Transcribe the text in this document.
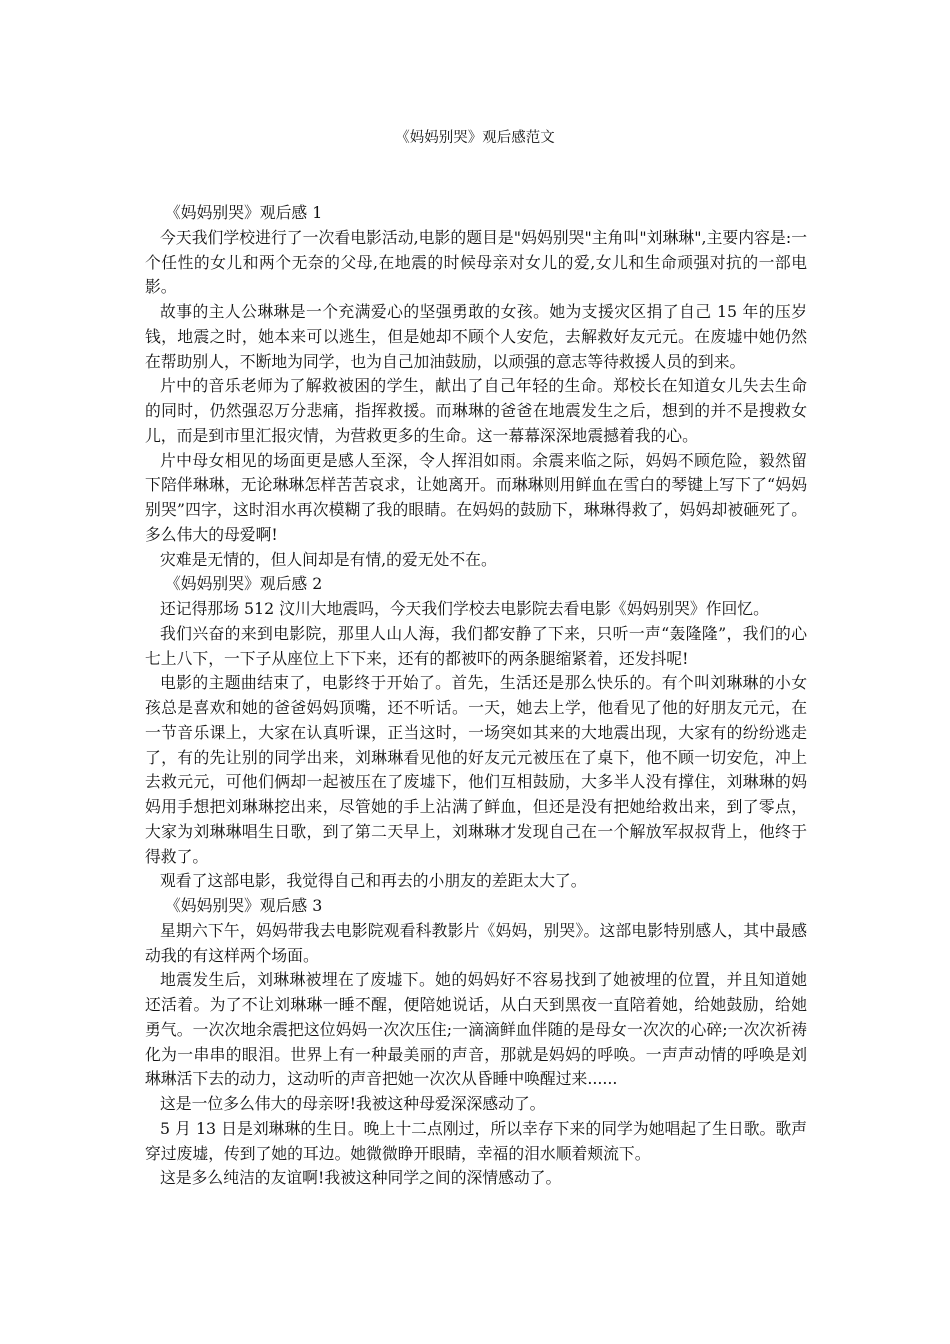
《妈妈别哭》观后感范文

《妈妈别哭》观后感 1

今天我们学校进行了一次看电影活动,电影的题目是"妈妈别哭"主角叫"刘琳琳",主要内容是:一个任性的女儿和两个无奈的父母,在地震的时候母亲对女儿的爱,女儿和生命顽强对抗的一部电影。

故事的主人公琳琳是一个充满爱心的坚强勇敢的女孩。她为支援灾区捐了自己 15 年的压岁钱，地震之时，她本来可以逃生，但是她却不顾个人安危，去解救好友元元。在废墟中她仍然在帮助别人，不断地为同学，也为自己加油鼓励，以顽强的意志等待救援人员的到来。

片中的音乐老师为了解救被困的学生，献出了自己年轻的生命。郑校长在知道女儿失去生命的同时，仍然强忍万分悲痛，指挥救援。而琳琳的爸爸在地震发生之后，想到的并不是搜救女儿，而是到市里汇报灾情，为营救更多的生命。这一幕幕深深地震撼着我的心。

片中母女相见的场面更是感人至深，令人挥泪如雨。余震来临之际，妈妈不顾危险，毅然留下陪伴琳琳，无论琳琳怎样苦苦哀求，让她离开。而琳琳则用鲜血在雪白的琴键上写下了“妈妈别哭”四字，这时泪水再次模糊了我的眼睛。在妈妈的鼓励下，琳琳得救了，妈妈却被砸死了。多么伟大的母爱啊!

灾难是无情的，但人间却是有情,的爱无处不在。

《妈妈别哭》观后感 2

还记得那场 512 汶川大地震吗，今天我们学校去电影院去看电影《妈妈别哭》作回忆。

我们兴奋的来到电影院，那里人山人海，我们都安静了下来，只听一声“轰隆隆”，我们的心七上八下，一下子从座位上下下来，还有的都被吓的两条腿缩紧着，还发抖呢!

电影的主题曲结束了，电影终于开始了。首先，生活还是那么快乐的。有个叫刘琳琳的小女孩总是喜欢和她的爸爸妈妈顶嘴，还不听话。一天，她去上学，他看见了他的好朋友元元，在一节音乐课上，大家在认真听课，正当这时，一场突如其来的大地震出现，大家有的纷纷逃走了，有的先让别的同学出来，刘琳琳看见他的好友元元被压在了桌下，他不顾一切安危，冲上去救元元，可他们俩却一起被压在了废墟下，他们互相鼓励，大多半人没有撑住，刘琳琳的妈妈用手想把刘琳琳挖出来，尽管她的手上沾满了鲜血，但还是没有把她给救出来，到了零点，大家为刘琳琳唱生日歌，到了第二天早上，刘琳琳才发现自己在一个解放军叔叔背上，他终于得救了。

观看了这部电影，我觉得自己和再去的小朋友的差距太大了。

《妈妈别哭》观后感 3

星期六下午，妈妈带我去电影院观看科教影片《妈妈，别哭》。这部电影特别感人，其中最感动我的有这样两个场面。

地震发生后，刘琳琳被埋在了废墟下。她的妈妈好不容易找到了她被埋的位置，并且知道她还活着。为了不让刘琳琳一睡不醒，便陪她说话，从白天到黑夜一直陪着她，给她鼓励，给她勇气。一次次地余震把这位妈妈一次次压住;一滴滴鲜血伴随的是母女一次次的心碎;一次次祈祷化为一串串的眼泪。世界上有一种最美丽的声音，那就是妈妈的呼唤。一声声动情的呼唤是刘琳琳活下去的动力，这动听的声音把她一次次从昏睡中唤醒过来......

这是一位多么伟大的母亲呀!我被这种母爱深深感动了。

5 月 13 日是刘琳琳的生日。晚上十二点刚过，所以幸存下来的同学为她唱起了生日歌。歌声穿过废墟，传到了她的耳边。她微微睁开眼睛，幸福的泪水顺着颊流下。

这是多么纯洁的友谊啊!我被这种同学之间的深情感动了。
